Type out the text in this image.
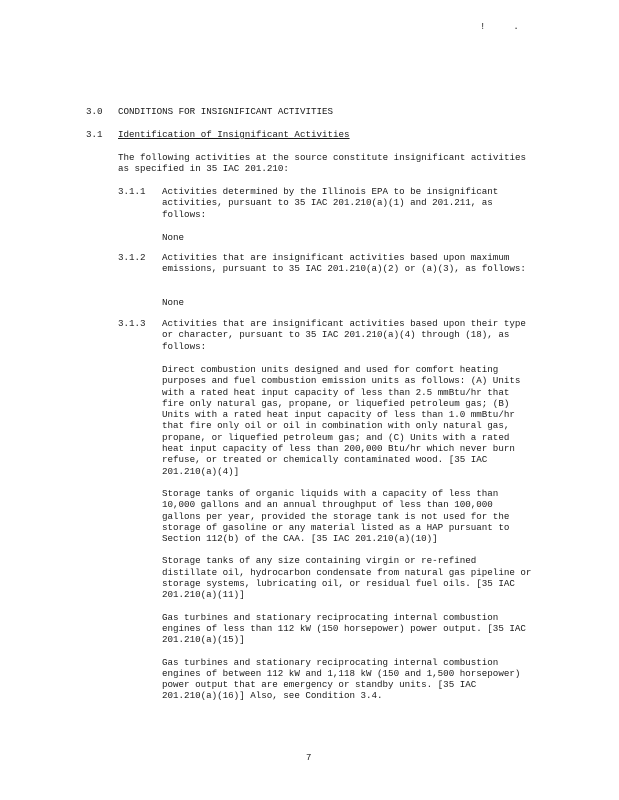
!.
3.0 CONDITIONS FOR INSIGNIFICANT ACTIVITIES
3.1 Identification of Insignificant Activities
The following activities at the source constitute insignificant activities as specified in 35 IAC 201.210:
3.1.1 Activities determined by the Illinois EPA to be insignificant activities, pursuant to 35 IAC 201.210(a)(1) and 201.211, as follows:
None
3.1.2 Activities that are insignificant activities based upon maximum emissions, pursuant to 35 IAC 201.210(a)(2) or (a)(3), as follows:
None
3.1.3 Activities that are insignificant activities based upon their type or character, pursuant to 35 IAC 201.210(a)(4) through (18), as follows:

Direct combustion units designed and used for comfort heating purposes and fuel combustion emission units as follows: (A) Units with a rated heat input capacity of less than 2.5 mmBtu/hr that fire only natural gas, propane, or liquefied petroleum gas; (B) Units with a rated heat input capacity of less than 1.0 mmBtu/hr that fire only oil or oil in combination with only natural gas, propane, or liquefied petroleum gas; and (C) Units with a rated heat input capacity of less than 200,000 Btu/hr which never burn refuse, or treated or chemically contaminated wood. [35 IAC 201.210(a)(4)]

Storage tanks of organic liquids with a capacity of less than 10,000 gallons and an annual throughput of less than 100,000 gallons per year, provided the storage tank is not used for the storage of gasoline or any material listed as a HAP pursuant to Section 112(b) of the CAA. [35 IAC 201.210(a)(10)]

Storage tanks of any size containing virgin or re-refined distillate oil, hydrocarbon condensate from natural gas pipeline or storage systems, lubricating oil, or residual fuel oils. [35 IAC 201.210(a)(11)]

Gas turbines and stationary reciprocating internal combustion engines of less than 112 kW (150 horsepower) power output. [35 IAC 201.210(a)(15)]

Gas turbines and stationary reciprocating internal combustion engines of between 112 kW and 1,118 kW (150 and 1,500 horsepower) power output that are emergency or standby units. [35 IAC 201.210(a)(16)] Also, see Condition 3.4.

7
